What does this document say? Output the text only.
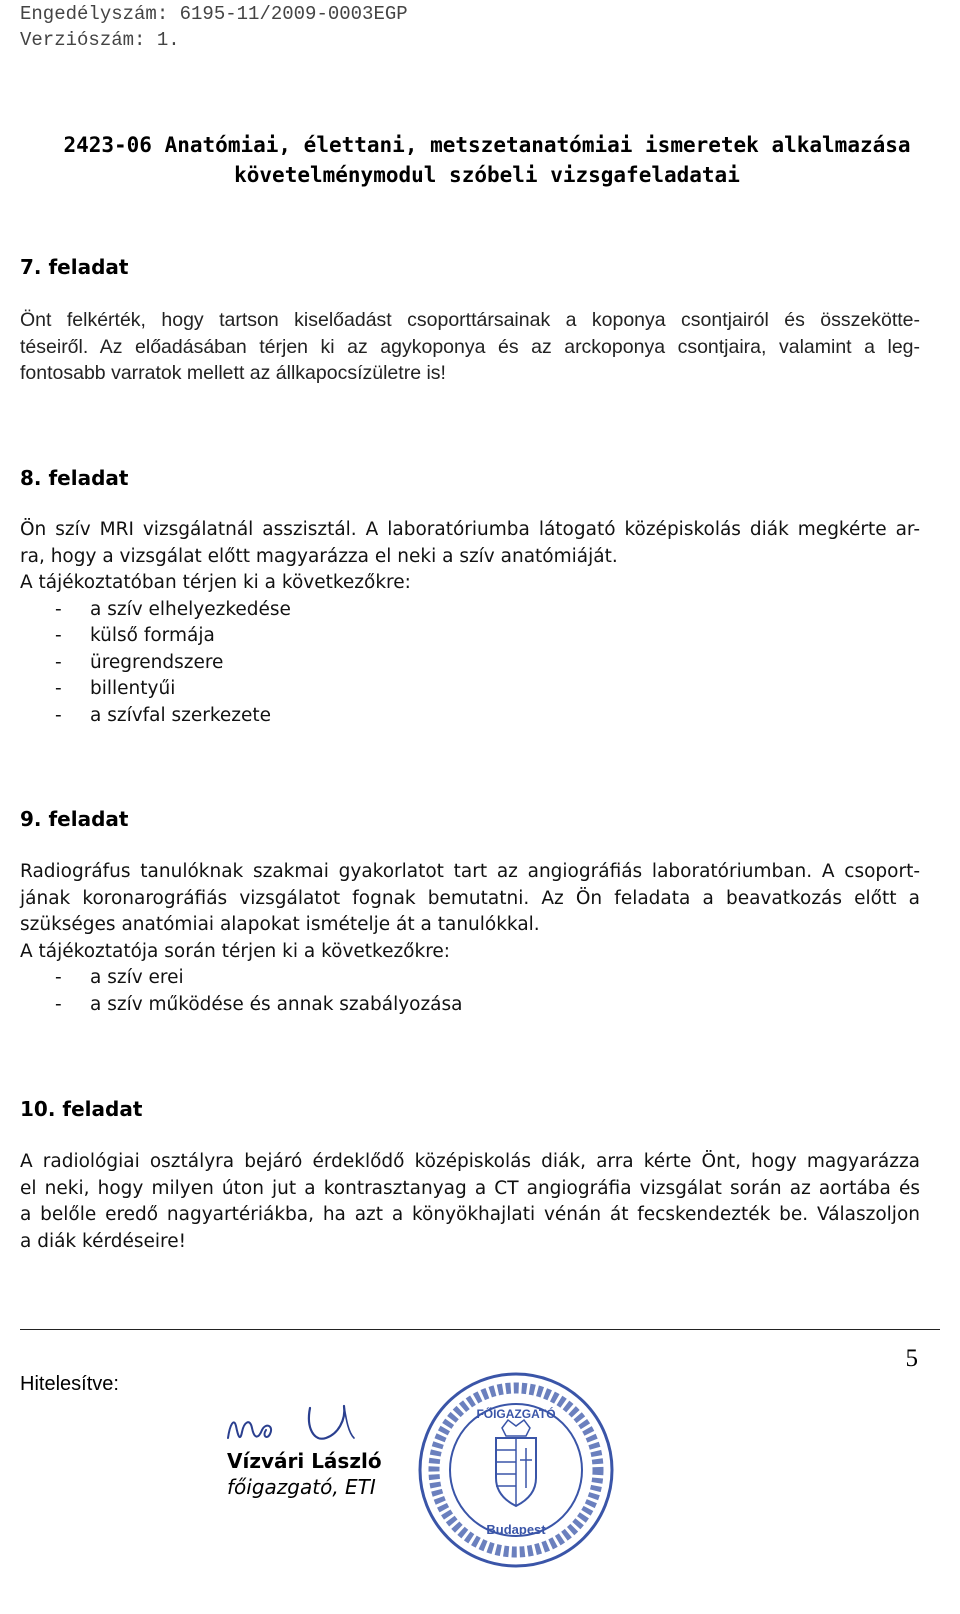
Engedélyszám: 6195-11/2009-0003EGP
Verziószám: 1.
2423-06 Anatómiai, élettani, metszetanatómiai ismeretek alkalmazása
követelménymodul szóbeli vizsgafeladatai
7. feladat
Önt felkérték, hogy tartson kiselőadást csoporttársainak a koponya csontjairól és összekötte-
téseiről. Az előadásában térjen ki az agykoponya és az arckoponya csontjaira, valamint a leg-
fontosabb varratok mellett az állkapocsízületre is!
8. feladat
Ön szív MRI vizsgálatnál asszisztál. A laboratóriumba látogató középiskolás diák megkérte ar-
ra, hogy a vizsgálat előtt magyarázza el neki a szív anatómiáját.
A tájékoztatóban térjen ki a következőkre:
- a szív elhelyezkedése
- külső formája
- üregrendszere
- billentyűi
- a szívfal szerkezete
9. feladat
Radiográfus tanulóknak szakmai gyakorlatot tart az angiográfiás laboratóriumban. A csoport-
jának koronarográfiás vizsgálatot fognak bemutatni. Az Ön feladata a beavatkozás előtt a
szükséges anatómiai alapokat ismételje át a tanulókkal.
A tájékoztatója során térjen ki a következőkre:
- a szív erei
- a szív működése és annak szabályozása
10. feladat
A radiológiai osztályra bejáró érdeklődő középiskolás diák, arra kérte Önt, hogy magyarázza
el neki, hogy milyen úton jut a kontrasztanyag a CT angiográfia vizsgálat során az aortába és
a belőle eredő nagyartériákba, ha azt a könyökhajlati vénán át fecskendezték be. Válaszoljon
a diák kérdéseire!
5
Hitelesítve:
Vízvári László
főigazgató, ETI
FŐIGAZGATÓ
Budapest
